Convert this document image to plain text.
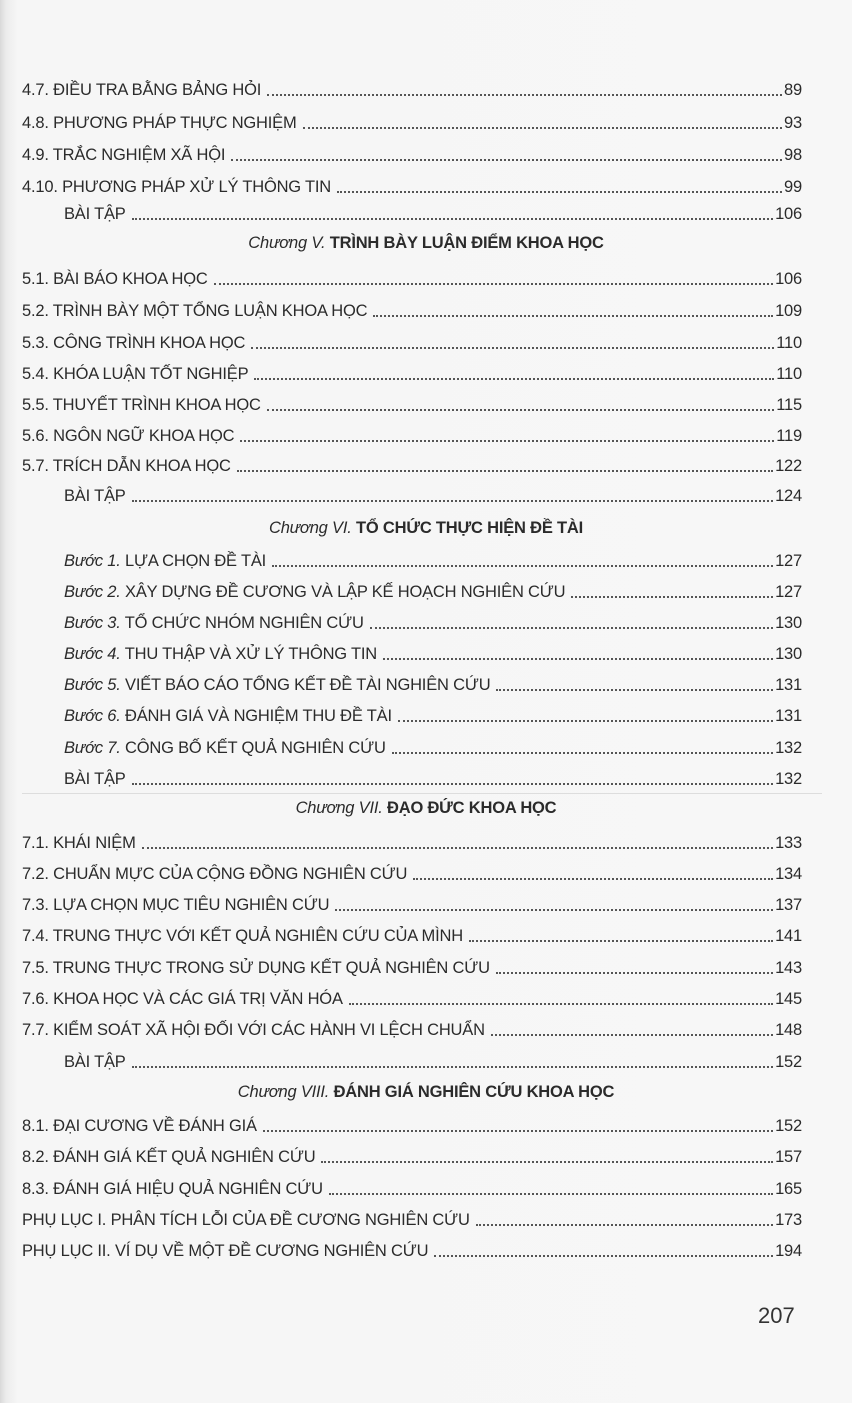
4.7. ĐIỀU TRA BẰNG BẢNG HỎI	89
4.8. PHƯƠNG PHÁP THỰC NGHIỆM	93
4.9. TRẮC NGHIỆM XÃ HỘI	98
4.10. PHƯƠNG PHÁP XỬ LÝ THÔNG TIN	99
BÀI TẬP	106
Chương V. TRÌNH BÀY LUẬN ĐIỂM KHOA HỌC
5.1. BÀI BÁO KHOA HỌC	106
5.2. TRÌNH BÀY MỘT TỔNG LUẬN KHOA HỌC	109
5.3. CÔNG TRÌNH KHOA HỌC	110
5.4. KHÓA LUẬN TỐT NGHIỆP	110
5.5. THUYẾT TRÌNH KHOA HỌC	115
5.6. NGÔN NGỮ KHOA HỌC	119
5.7. TRÍCH DẪN KHOA HỌC	122
BÀI TẬP	124
Chương VI. TỔ CHỨC THỰC HIỆN ĐỀ TÀI
Bước 1. LỰA CHỌN ĐỀ TÀI	127
Bước 2. XÂY DỰNG ĐỀ CƯƠNG VÀ LẬP KẾ HOẠCH NGHIÊN CỨU	127
Bước 3. TỔ CHỨC NHÓM NGHIÊN CỨU	130
Bước 4. THU THẬP VÀ XỬ LÝ THÔNG TIN	130
Bước 5. VIẾT BÁO CÁO TỔNG KẾT ĐỀ TÀI NGHIÊN CỨU	131
Bước 6. ĐÁNH GIÁ VÀ NGHIỆM THU ĐỀ TÀI	131
Bước 7. CÔNG BỐ KẾT QUẢ NGHIÊN CỨU	132
BÀI TẬP	132
Chương VII. ĐẠO ĐỨC KHOA HỌC
7.1. KHÁI NIỆM	133
7.2. CHUẨN MỰC CỦA CỘNG ĐỒNG NGHIÊN CỨU	134
7.3. LỰA CHỌN MỤC TIÊU NGHIÊN CỨU	137
7.4. TRUNG THỰC VỚI KẾT QUẢ NGHIÊN CỨU CỦA MÌNH	141
7.5. TRUNG THỰC TRONG SỬ DỤNG KẾT QUẢ NGHIÊN CỨU	143
7.6. KHOA HỌC VÀ CÁC GIÁ TRỊ VĂN HÓA	145
7.7. KIỂM SOÁT XÃ HỘI ĐỐI VỚI CÁC HÀNH VI LỆCH CHUẨN	148
BÀI TẬP	152
Chương VIII. ĐÁNH GIÁ NGHIÊN CỨU KHOA HỌC
8.1. ĐẠI CƯƠNG VỀ ĐÁNH GIÁ	152
8.2. ĐÁNH GIÁ KẾT QUẢ NGHIÊN CỨU	157
8.3. ĐÁNH GIÁ HIỆU QUẢ NGHIÊN CỨU	165
PHỤ LỤC I. PHÂN TÍCH LỖI CỦA ĐỀ CƯƠNG NGHIÊN CỨU	173
PHỤ LỤC II. VÍ DỤ VỀ MỘT ĐỀ CƯƠNG NGHIÊN CỨU	194
207
